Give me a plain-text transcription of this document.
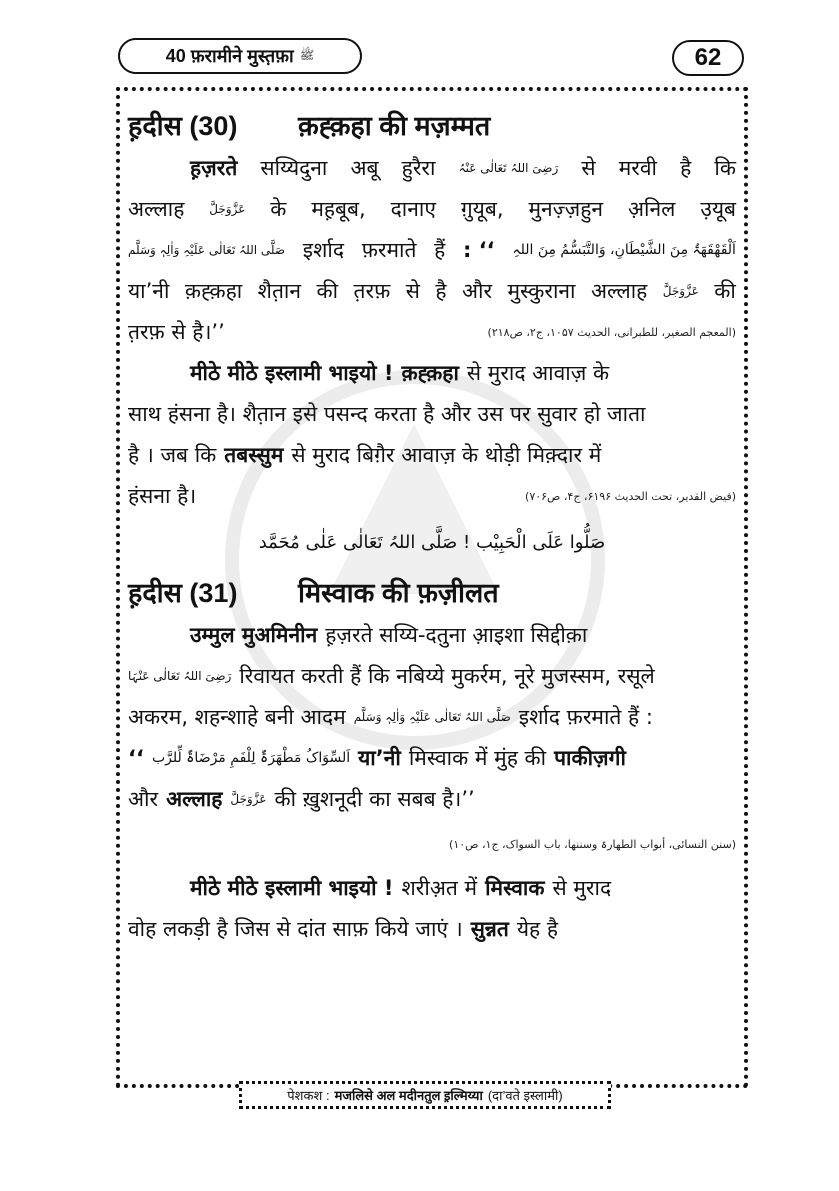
40 फ़रामीने मुस्त़फ़ा ﷺ	62
ह़दीस (30)	क़ह्क़हा की मज़म्मत
ह़ज़रते सय्यिदुना अबू हुरैरा رَضِیَ اللہُ تَعَالٰی عَنْہُ से मरवी है कि
अल्लाह عَزَّوَجَلَّ के मह़बूब, दानाए ग़ुयूब, मुनज़्ज़हुन अ़निल उ़यूब
صَلَّی اللہُ تَعَالٰی عَلَیْہِ وَاٰلِہٖ وَسَلَّم इर्शाद फ़रमाते हैं : ‘‘ اَلْقَھْقَھَۃُ مِنَ الشَّیْطَانِ، وَالتَّبَسُّمُ مِنَ اللہِ
या’नी क़ह्क़हा शैत़ान की त़रफ़ से है और मुस्कुराना अल्लाह عَزَّوَجَلَّ की
त़रफ़ से है।’’	(المعجم الصغیر، للطبرانی، الحدیث ۱۰۵۷، ج۲، ص۲۱۸)
मीठे मीठे इस्लामी भाइयो ! क़ह्क़हा से मुराद आवाज़ के
साथ हंसना है। शैत़ान इसे पसन्द करता है और उस पर सुवार हो जाता
है । जब कि तबस्सुम से मुराद बिग़ैर आवाज़ के थोड़ी मिक़्दार में
हंसना है।	(فیض القدیر، تحت الحدیث ۶۱۹۶، ج۴، ص۷۰۶)
صَلُّوا عَلَی الْحَبِیْب ! صَلَّی اللہُ تَعَالٰی عَلٰی مُحَمَّد
ह़दीस (31)	मिस्वाक की फ़ज़ीलत
उम्मुल मुअमिनीन ह़ज़रते सय्यि-दतुना आ़इशा सिद्दीक़ा
رَضِیَ اللہُ تَعَالٰی عَنْہَا रिवायत करती हैं कि नबिय्ये मुकर्रम, नूरे मुजस्सम, रसूले
अकरम, शहन्शाहे बनी आदम صَلَّی اللہُ تَعَالٰی عَلَیْہِ وَاٰلِہٖ وَسَلَّم इर्शाद फ़रमाते हैं :
‘‘ اَلسِّوَاکُ مَطْھَرَۃٌ لِلْفَمِ مَرْضَاۃٌ لِّلرَّب या’नी मिस्वाक में मुंह की पाकीज़गी
और अल्लाह عَزَّوَجَلَّ की ख़ुशनूदी का सबब है।’’
(سنن النسائی، أبواب الطھارۃ وسننھا، باب السواک، ج۱، ص۱۰)
मीठे मीठे इस्लामी भाइयो ! शरीअ़त में मिस्वाक से मुराद
वोह लकड़ी है जिस से दांत साफ़ किये जाएं । सुन्नत येह है
पेशकश : मजलिसे अल मदीनतुल इ़ल्मिय्या (दा’वते इस्लामी)
